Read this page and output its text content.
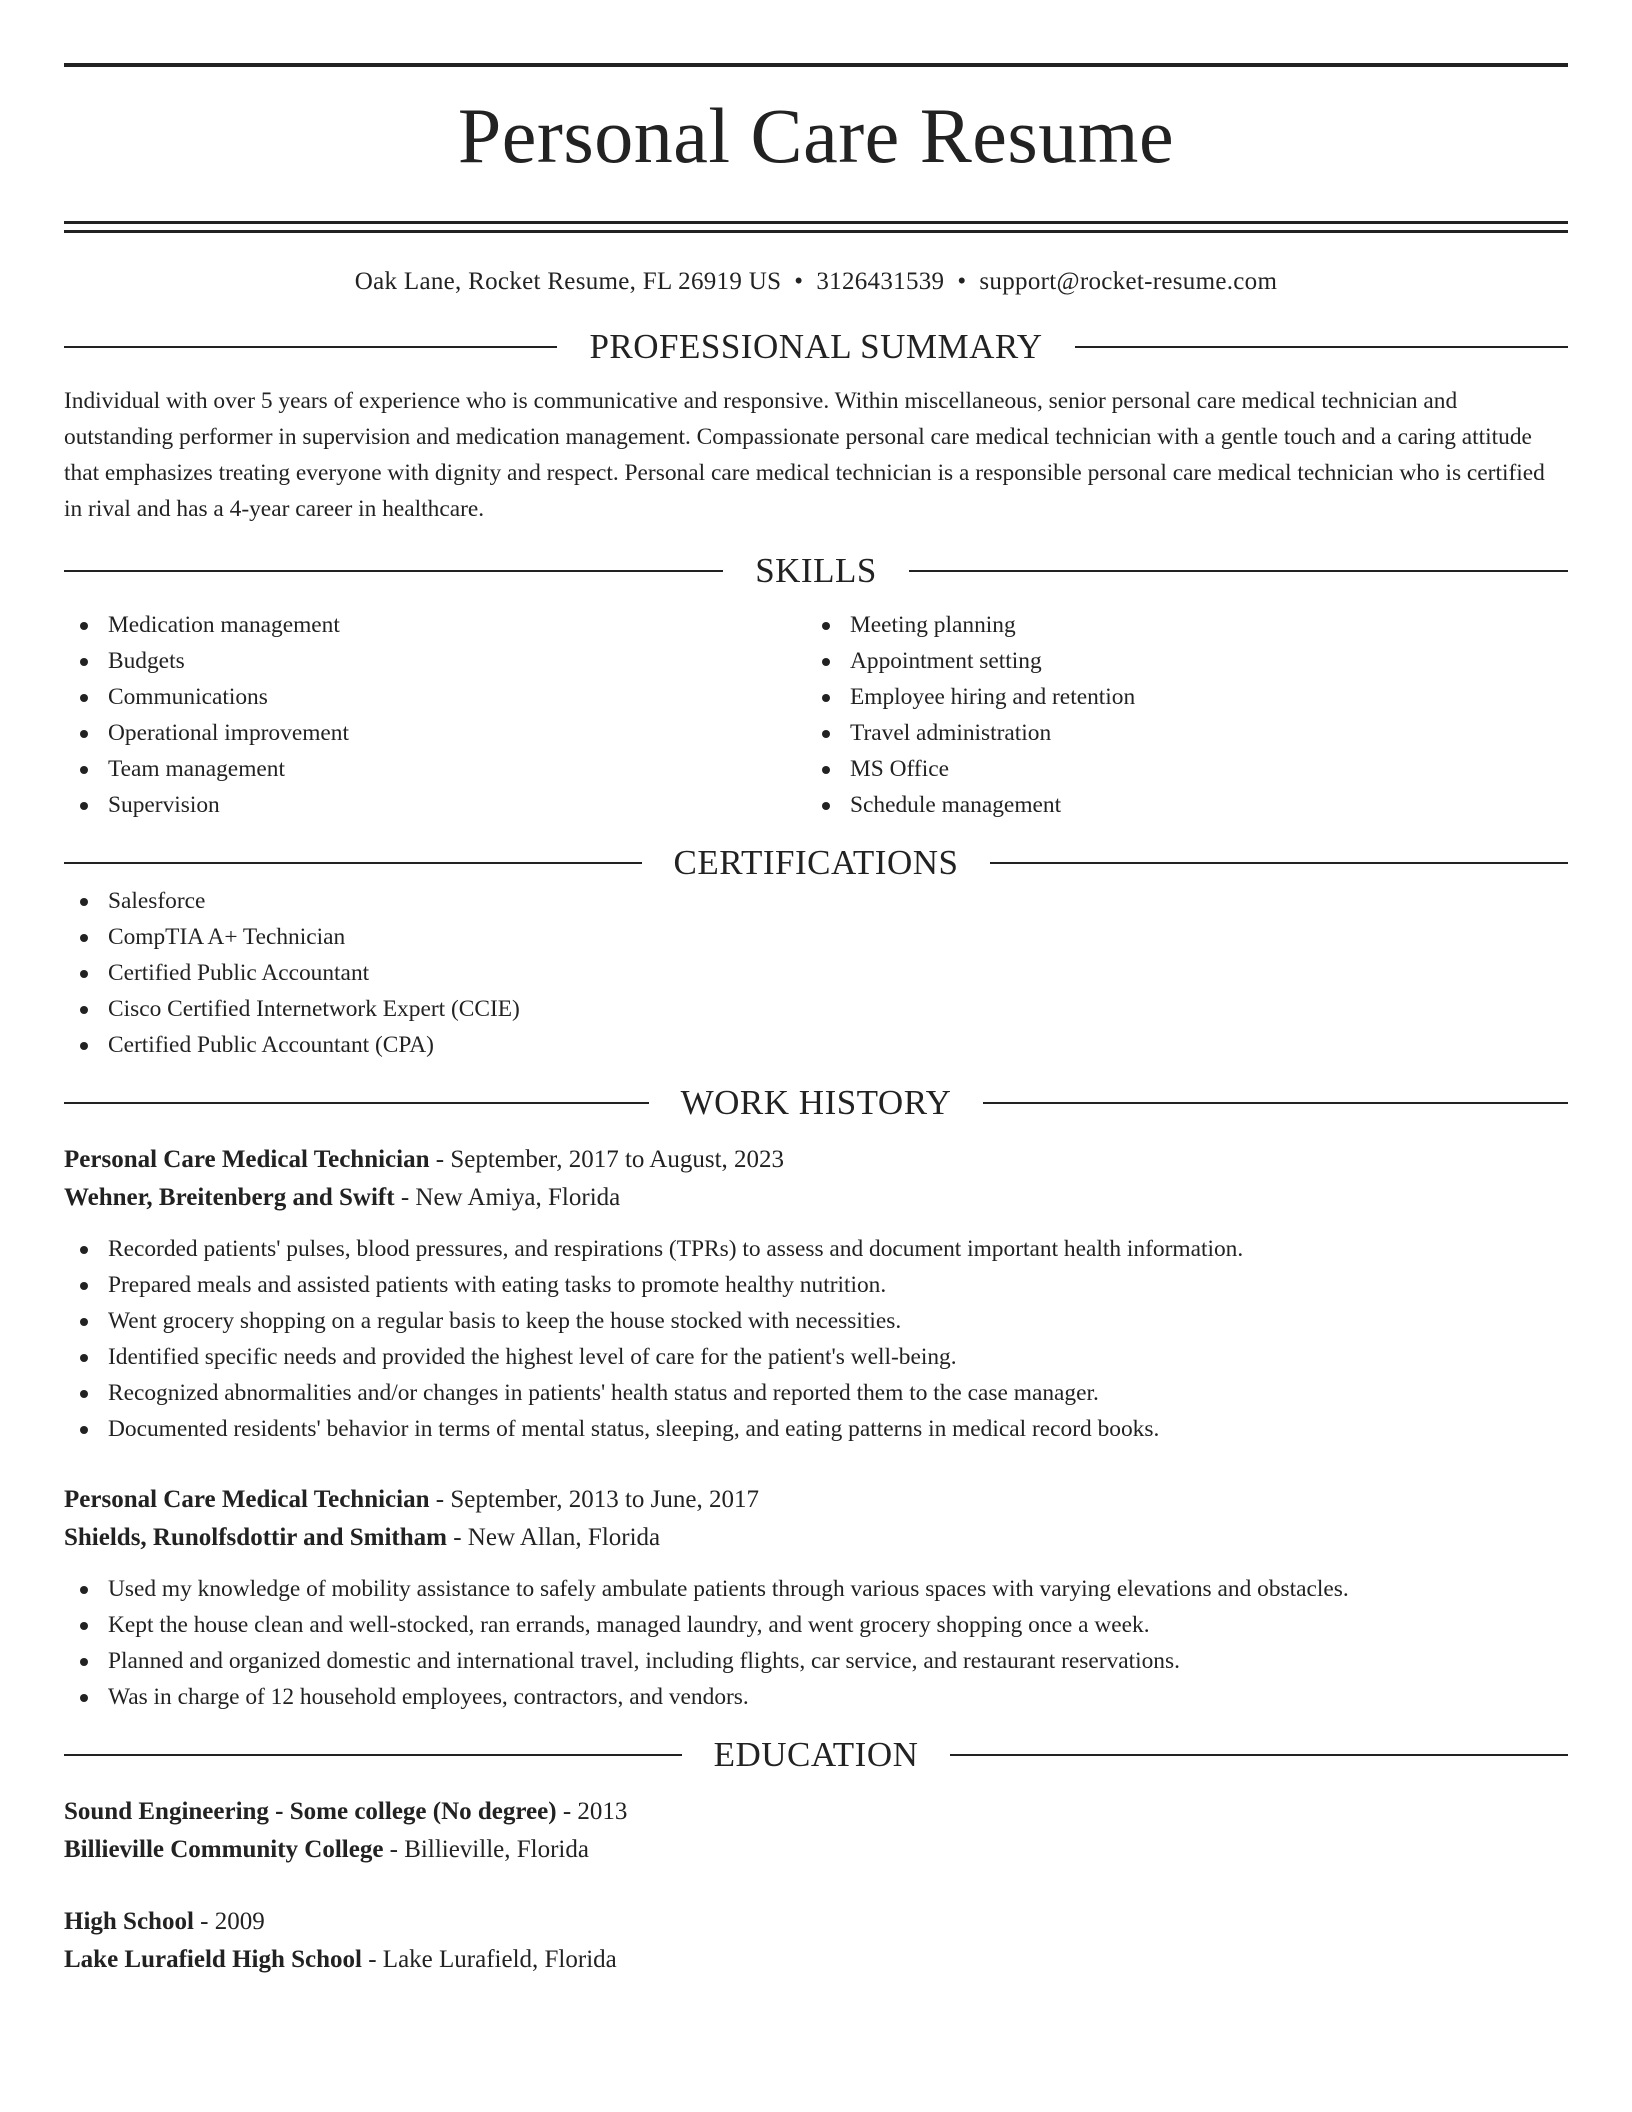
Personal Care Resume
Oak Lane, Rocket Resume, FL 26919 US • 3126431539 • support@rocket-resume.com
PROFESSIONAL SUMMARY

Individual with over 5 years of experience who is communicative and responsive. Within miscellaneous, senior personal care medical technician and outstanding performer in supervision and medication management. Compassionate personal care medical technician with a gentle touch and a caring attitude that emphasizes treating everyone with dignity and respect. Personal care medical technician is a responsible personal care medical technician who is certified in rival and has a 4-year career in healthcare.

SKILLS
Medication management
Budgets
Communications
Operational improvement
Team management
Supervision
Meeting planning
Appointment setting
Employee hiring and retention
Travel administration
MS Office
Schedule management
CERTIFICATIONS
Salesforce
CompTIA A+ Technician
Certified Public Accountant
Cisco Certified Internetwork Expert (CCIE)
Certified Public Accountant (CPA)
WORK HISTORY
Personal Care Medical Technician - September, 2017 to August, 2023
Wehner, Breitenberg and Swift - New Amiya, Florida
Recorded patients' pulses, blood pressures, and respirations (TPRs) to assess and document important health information.
Prepared meals and assisted patients with eating tasks to promote healthy nutrition.
Went grocery shopping on a regular basis to keep the house stocked with necessities.
Identified specific needs and provided the highest level of care for the patient's well-being.
Recognized abnormalities and/or changes in patients' health status and reported them to the case manager.
Documented residents' behavior in terms of mental status, sleeping, and eating patterns in medical record books.
Personal Care Medical Technician - September, 2013 to June, 2017
Shields, Runolfsdottir and Smitham - New Allan, Florida
Used my knowledge of mobility assistance to safely ambulate patients through various spaces with varying elevations and obstacles.
Kept the house clean and well-stocked, ran errands, managed laundry, and went grocery shopping once a week.
Planned and organized domestic and international travel, including flights, car service, and restaurant reservations.
Was in charge of 12 household employees, contractors, and vendors.
EDUCATION
Sound Engineering - Some college (No degree) - 2013
Billieville Community College - Billieville, Florida
High School - 2009
Lake Lurafield High School - Lake Lurafield, Florida
